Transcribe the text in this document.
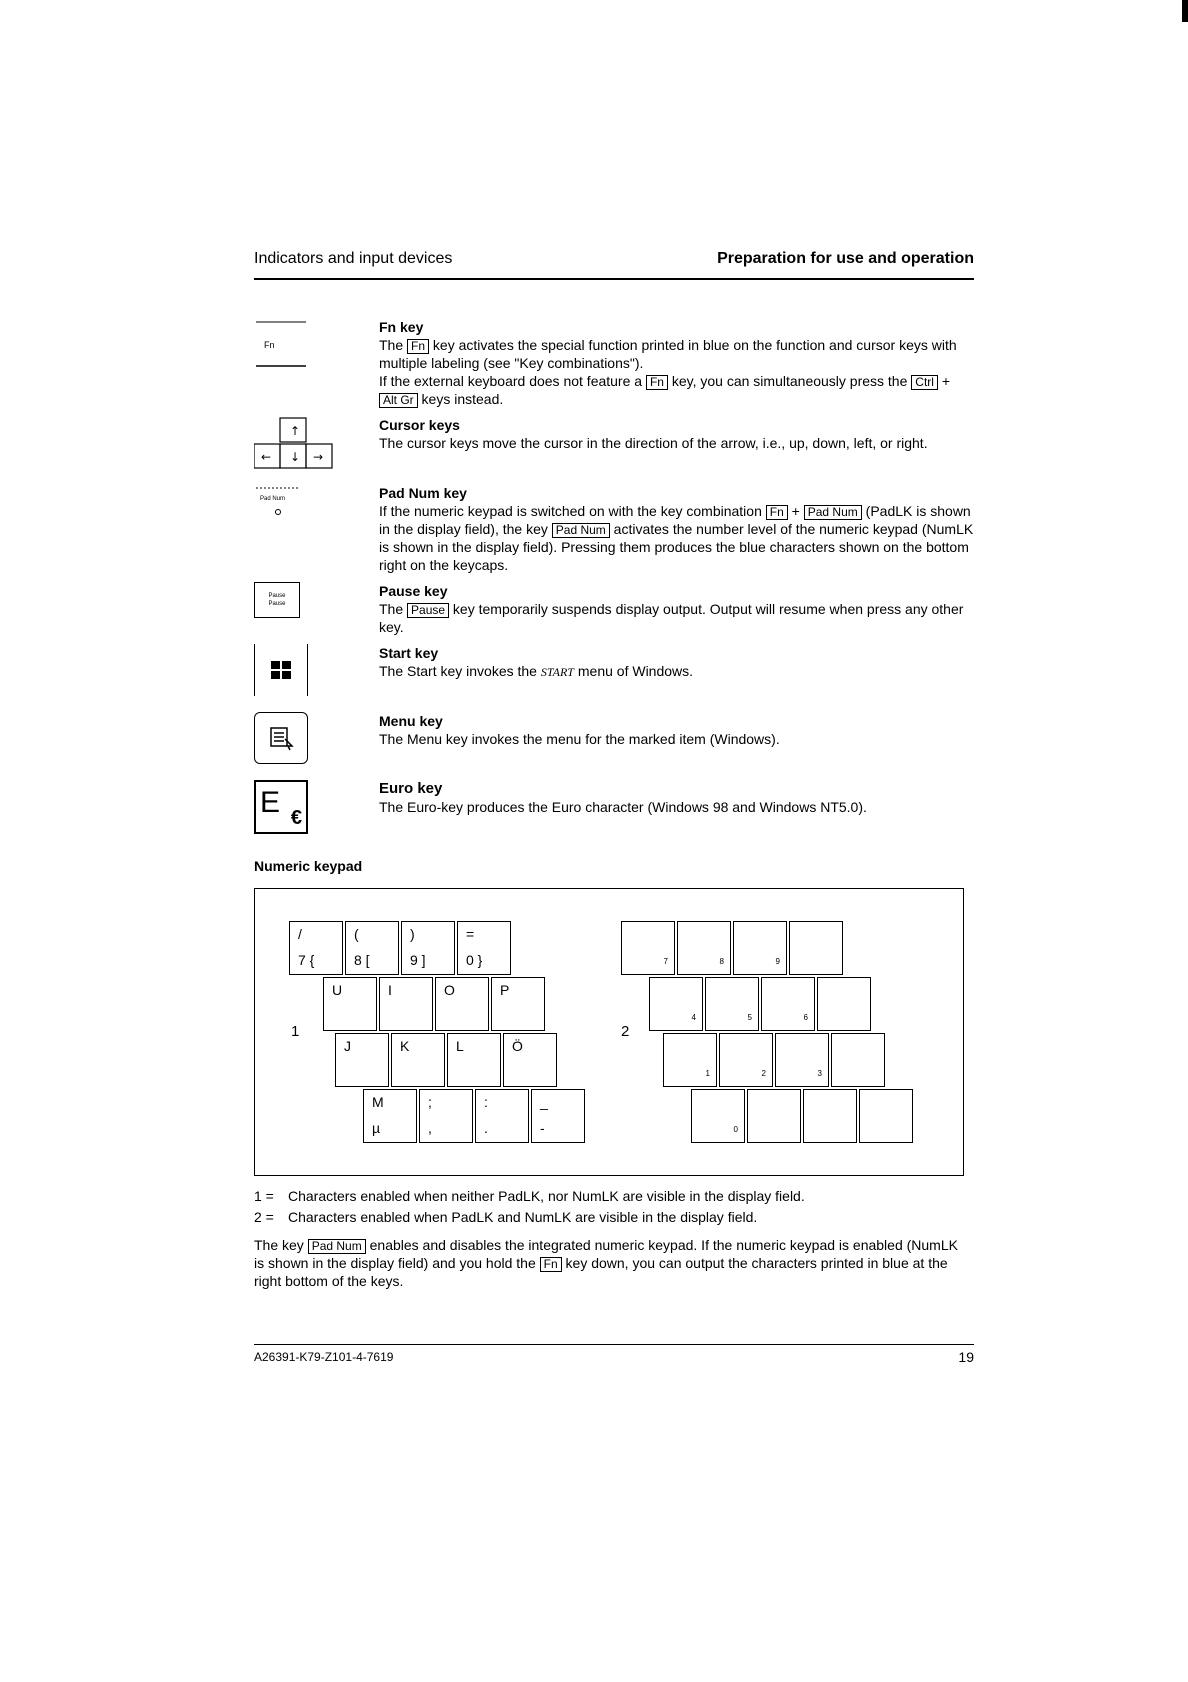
Indicators and input devices	Preparation for use and operation
Fn
Fn key
The Fn key activates the special function printed in blue on the function and cursor keys with multiple labeling (see "Key combinations").
If the external keyboard does not feature a Fn key, you can simultaneously press the Ctrl + Alt Gr keys instead.
↑
← ↓ →
Cursor keys
The cursor keys move the cursor in the direction of the arrow, i.e., up, down, left, or right.
Pad Num	Pad Num key
If the numeric keypad is switched on with the key combination Fn + Pad Num (PadLK is shown in the display field), the key Pad Num activates the number level of the numeric keypad (NumLK is shown in the display field). Pressing them produces the blue characters shown on the bottom right on the keycaps.
Pause
Pause
Pause key
The Pause key temporarily suspends display output. Output will resume when press any other key.
Start key
The Start key invokes the START menu of Windows.
Menu key
The Menu key invokes the menu for the marked item (Windows).
E €
Euro key
The Euro-key produces the Euro character (Windows 98 and Windows NT5.0).
Numeric keypad
1	2
/
7 {
(
8 [
)
9 ]
=
0 }
U	I	O	P
J	K	L	Ö
M
µ
;
,
:
.
_
-
7	8	9
4	5	6
1	2	3
0
1 =	Characters enabled when neither PadLK, nor NumLK are visible in the display field.
2 =	Characters enabled when PadLK and NumLK are visible in the display field.
The key Pad Num enables and disables the integrated numeric keypad. If the numeric keypad is enabled (NumLK is shown in the display field) and you hold the Fn key down, you can output the characters printed in blue at the right bottom of the keys.
A26391-K79-Z101-4-7619	19
